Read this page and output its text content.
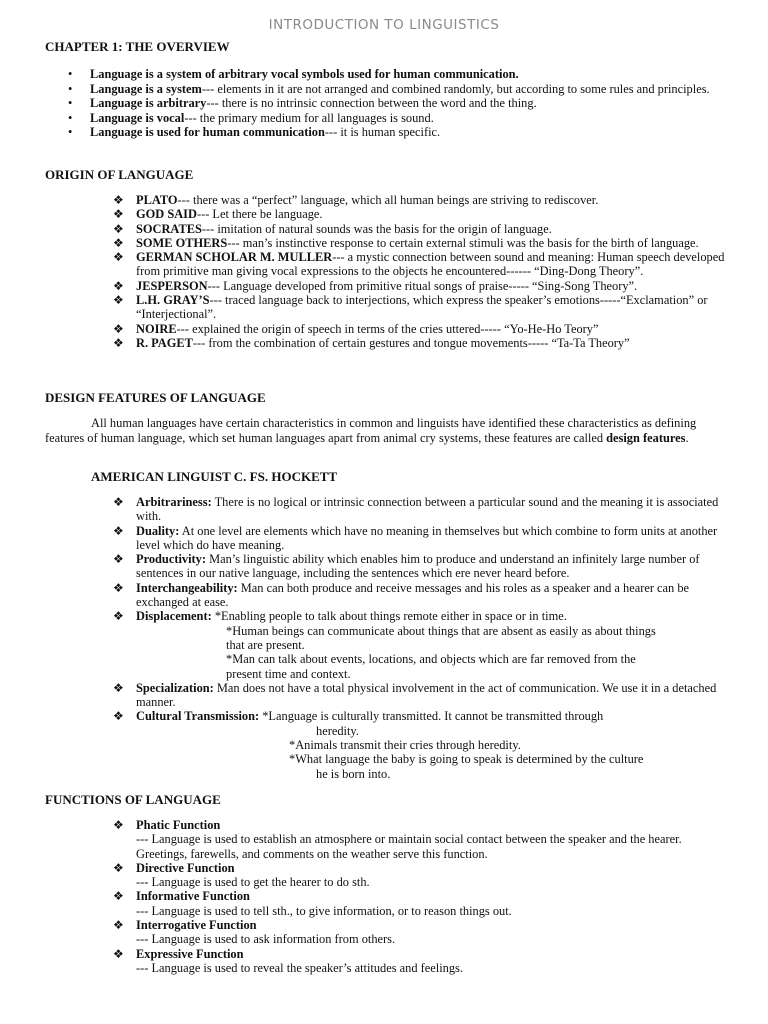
INTRODUCTION TO LINGUISTICS
CHAPTER 1: THE OVERVIEW
• Language is a system of arbitrary vocal symbols used for human communication.
• Language is a system--- elements in it are not arranged and combined randomly, but according to some rules and principles.
• Language is arbitrary--- there is no intrinsic connection between the word and the thing.
• Language is vocal--- the primary medium for all languages is sound.
• Language is used for human communication--- it is human specific.
ORIGIN OF LANGUAGE
❖ PLATO--- there was a “perfect” language, which all human beings are striving to rediscover.
❖ GOD SAID--- Let there be language.
❖ SOCRATES--- imitation of natural sounds was the basis for the origin of language.
❖ SOME OTHERS--- man’s instinctive response to certain external stimuli was the basis for the birth of language.
❖ GERMAN SCHOLAR M. MULLER--- a mystic connection between sound and meaning: Human speech developed from primitive man giving vocal expressions to the objects he encountered------ “Ding-Dong Theory”.
❖ JESPERSON--- Language developed from primitive ritual songs of praise----- “Sing-Song Theory”.
❖ L.H. GRAY’S--- traced language back to interjections, which express the speaker’s emotions-----“Exclamation” or “Interjectional”.
❖ NOIRE--- explained the origin of speech in terms of the cries uttered----- “Yo-He-Ho Teory”
❖ R. PAGET--- from the combination of certain gestures and tongue movements----- “Ta-Ta Theory”
DESIGN FEATURES OF LANGUAGE
All human languages have certain characteristics in common and linguists have identified these characteristics as defining features of human language, which set human languages apart from animal cry systems, these features are called design features.
AMERICAN LINGUIST C. FS. HOCKETT
❖ Arbitrariness: There is no logical or intrinsic connection between a particular sound and the meaning it is associated with.
❖ Duality: At one level are elements which have no meaning in themselves but which combine to form units at another level which do have meaning.
❖ Productivity: Man’s linguistic ability which enables him to produce and understand an infinitely large number of sentences in our native language, including the sentences which ere never heard before.
❖ Interchangeability: Man can both produce and receive messages and his roles as a speaker and a hearer can be exchanged at ease.
❖ Displacement: *Enabling people to talk about things remote either in space or in time.
*Human beings can communicate about things that are absent as easily as about things
that are present.
*Man can talk about events, locations, and objects which are far removed from the
present time and context.
❖ Specialization: Man does not have a total physical involvement in the act of communication. We use it in a detached manner.
❖ Cultural Transmission: *Language is culturally transmitted. It cannot be transmitted through
heredity.
*Animals transmit their cries through heredity.
*What language the baby is going to speak is determined by the culture
he is born into.
FUNCTIONS OF LANGUAGE
❖ Phatic Function
--- Language is used to establish an atmosphere or maintain social contact between the speaker and the hearer. Greetings, farewells, and comments on the weather serve this function.
❖ Directive Function
--- Language is used to get the hearer to do sth.
❖ Informative Function
--- Language is used to tell sth., to give information, or to reason things out.
❖ Interrogative Function
--- Language is used to ask information from others.
❖ Expressive Function
--- Language is used to reveal the speaker’s attitudes and feelings.
